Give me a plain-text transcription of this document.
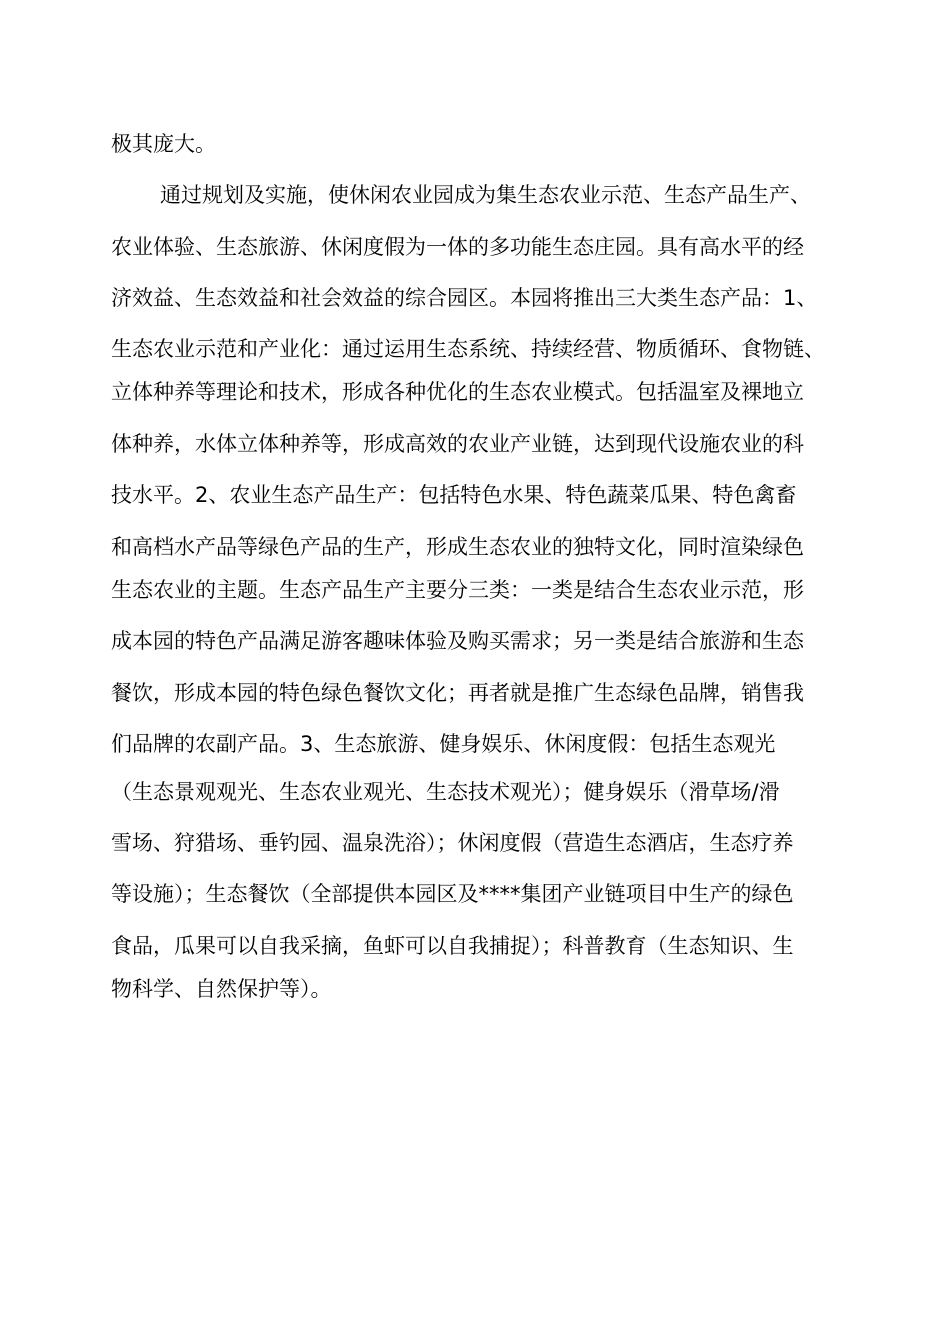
极其庞大。
通过规划及实施，使休闲农业园成为集生态农业示范、生态产品生产、
农业体验、生态旅游、休闲度假为一体的多功能生态庄园。具有高水平的经
济效益、生态效益和社会效益的综合园区。本园将推出三大类生态产品：1、
生态农业示范和产业化：通过运用生态系统、持续经营、物质循环、食物链、
立体种养等理论和技术，形成各种优化的生态农业模式。包括温室及裸地立
体种养，水体立体种养等，形成高效的农业产业链，达到现代设施农业的科
技水平。2、农业生态产品生产：包括特色水果、特色蔬菜瓜果、特色禽畜
和高档水产品等绿色产品的生产，形成生态农业的独特文化，同时渲染绿色
生态农业的主题。生态产品生产主要分三类：一类是结合生态农业示范，形
成本园的特色产品满足游客趣味体验及购买需求；另一类是结合旅游和生态
餐饮，形成本园的特色绿色餐饮文化；再者就是推广生态绿色品牌，销售我
们品牌的农副产品。3、生态旅游、健身娱乐、休闲度假：包括生态观光
（生态景观观光、生态农业观光、生态技术观光）；健身娱乐（滑草场/滑
雪场、狩猎场、垂钓园、温泉洗浴）；休闲度假（营造生态酒店，生态疗养
等设施）；生态餐饮（全部提供本园区及****集团产业链项目中生产的绿色
食品，瓜果可以自我采摘，鱼虾可以自我捕捉）；科普教育（生态知识、生
物科学、自然保护等）。
